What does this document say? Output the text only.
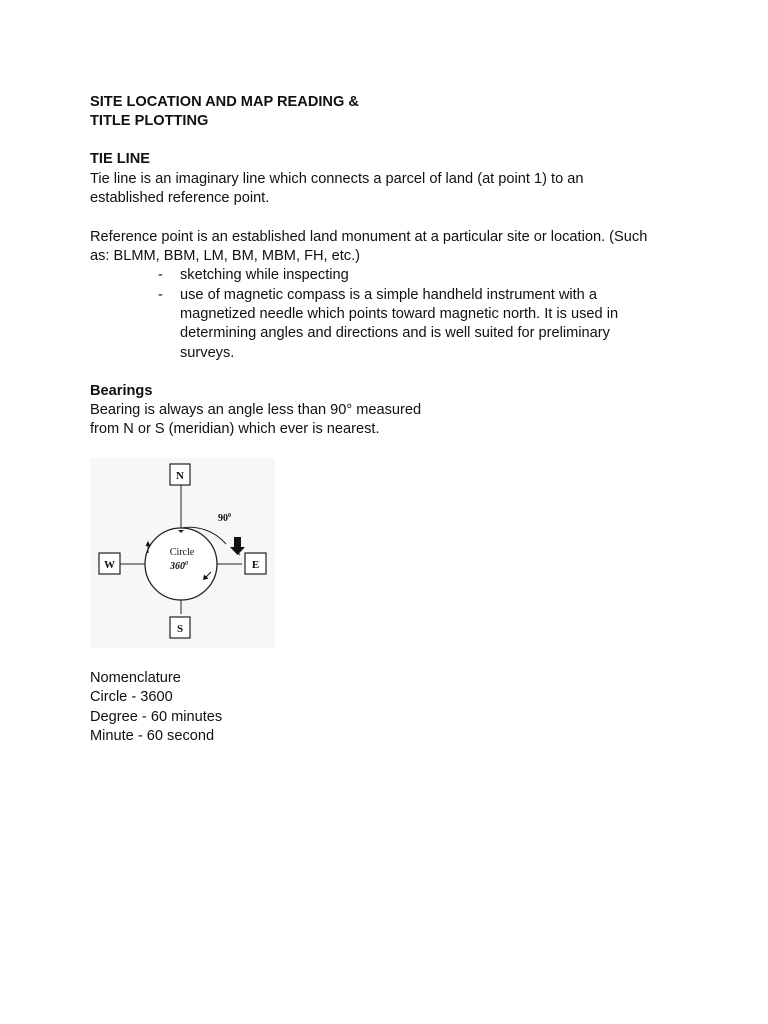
SITE LOCATION AND MAP READING &
TITLE PLOTTING
TIE LINE
Tie line is an imaginary line which connects a parcel of land (at point 1) to an
established reference point.
Reference point is an established land monument at a particular site or location. (Such
as: BLMM, BBM, LM, BM, MBM, FH, etc.)
- sketching while inspecting
- use of magnetic compass is a simple handheld instrument with a
magnetized needle which points toward magnetic north. It is used in
determining angles and directions and is well suited for preliminary
surveys.
Bearings
Bearing is always an angle less than 90° measured
from N or S (meridian) which ever is nearest.
N
S
W	E
$90^0$
Circle
$360^0$
Nomenclature
Circle - 3600
Degree - 60 minutes
Minute - 60 second
